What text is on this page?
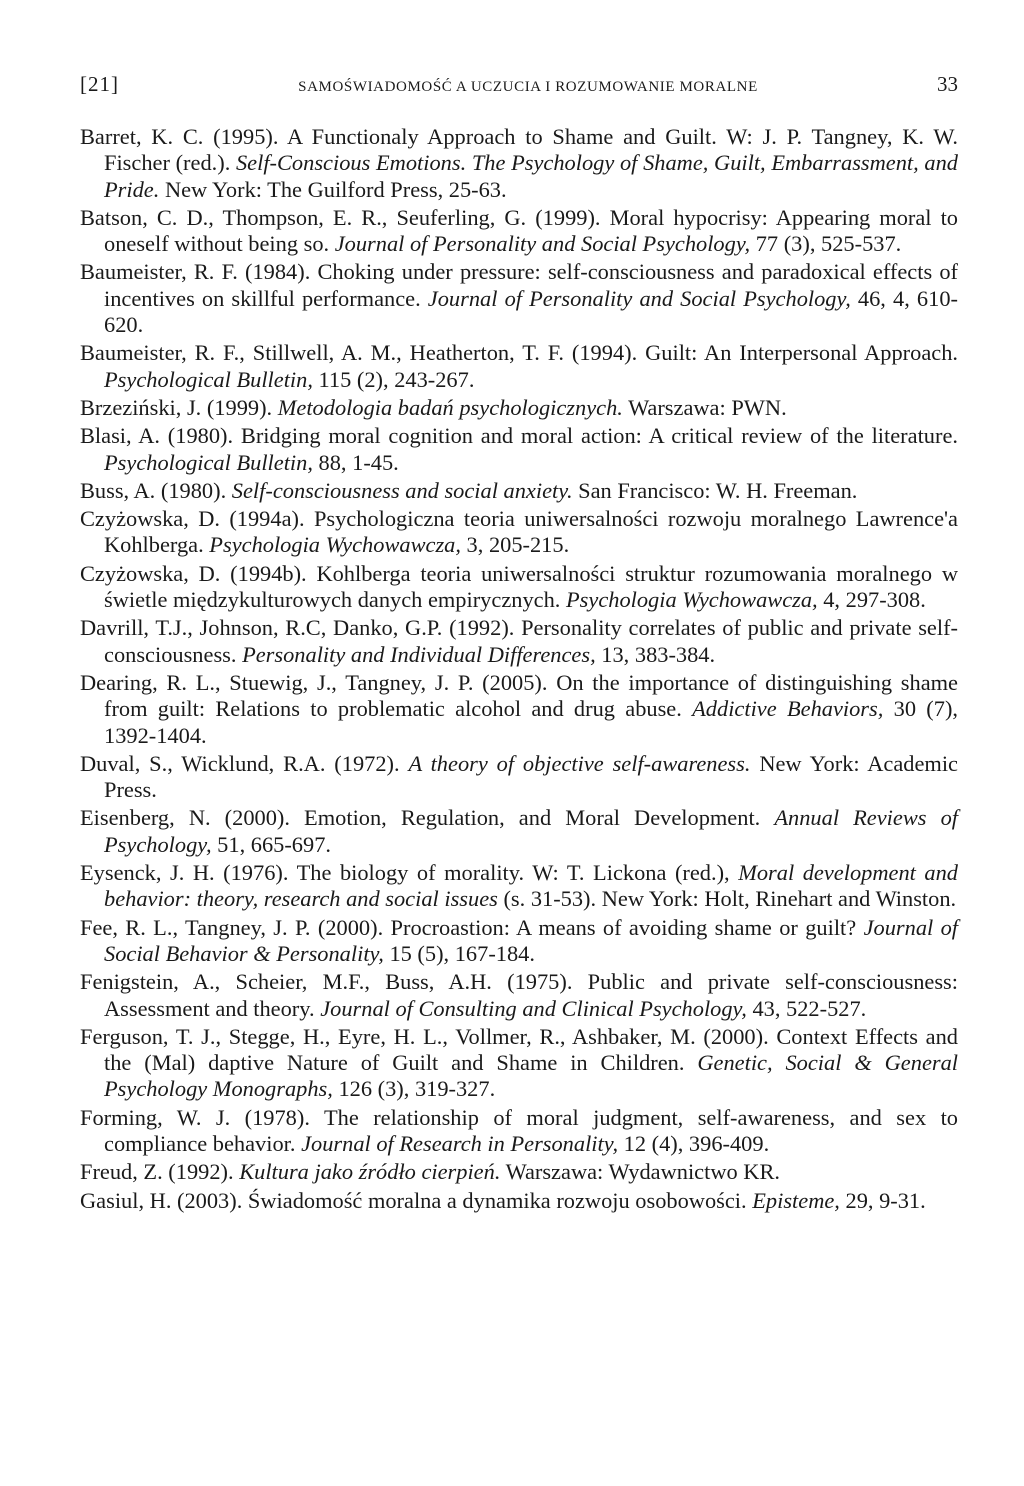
[21]	SAMOŚWIADOMOŚĆ A UCZUCIA I ROZUMOWANIE MORALNE	33

Barret, K. C. (1995). A Functionaly Approach to Shame and Guilt. W: J. P. Tangney, K. W. Fischer (red.). Self-Conscious Emotions. The Psychology of Shame, Guilt, Embarrassment, and Pride. New York: The Guilford Press, 25-63.

Batson, C. D., Thompson, E. R., Seuferling, G. (1999). Moral hypocrisy: Appearing moral to oneself without being so. Journal of Personality and Social Psychology, 77 (3), 525-537.

Baumeister, R. F. (1984). Choking under pressure: self-consciousness and paradoxical effects of incentives on skillful performance. Journal of Personality and Social Psychology, 46, 4, 610-620.

Baumeister, R. F., Stillwell, A. M., Heatherton, T. F. (1994). Guilt: An Interpersonal Approach. Psychological Bulletin, 115 (2), 243-267.

Brzeziński, J. (1999). Metodologia badań psychologicznych. Warszawa: PWN.

Blasi, A. (1980). Bridging moral cognition and moral action: A critical review of the literature. Psychological Bulletin, 88, 1-45.

Buss, A. (1980). Self-consciousness and social anxiety. San Francisco: W. H. Freeman.

Czyżowska, D. (1994a). Psychologiczna teoria uniwersalności rozwoju moralnego Lawrence'a Kohlberga. Psychologia Wychowawcza, 3, 205-215.

Czyżowska, D. (1994b). Kohlberga teoria uniwersalności struktur rozumowania moralnego w świetle międzykulturowych danych empirycznych. Psychologia Wychowawcza, 4, 297-308.

Davrill, T.J., Johnson, R.C, Danko, G.P. (1992). Personality correlates of public and private self-consciousness. Personality and Individual Differences, 13, 383-384.

Dearing, R. L., Stuewig, J., Tangney, J. P. (2005). On the importance of distinguishing shame from guilt: Relations to problematic alcohol and drug abuse. Addictive Behaviors, 30 (7), 1392-1404.

Duval, S., Wicklund, R.A. (1972). A theory of objective self-awareness. New York: Academic Press.

Eisenberg, N. (2000). Emotion, Regulation, and Moral Development. Annual Reviews of Psychology, 51, 665-697.

Eysenck, J. H. (1976). The biology of morality. W: T. Lickona (red.), Moral development and behavior: theory, research and social issues (s. 31-53). New York: Holt, Rinehart and Winston.

Fee, R. L., Tangney, J. P. (2000). Procroastion: A means of avoiding shame or guilt? Journal of Social Behavior & Personality, 15 (5), 167-184.

Fenigstein, A., Scheier, M.F., Buss, A.H. (1975). Public and private self-consciousness: Assessment and theory. Journal of Consulting and Clinical Psychology, 43, 522-527.

Ferguson, T. J., Stegge, H., Eyre, H. L., Vollmer, R., Ashbaker, M. (2000). Context Effects and the (Mal) daptive Nature of Guilt and Shame in Children. Genetic, Social & General Psychology Monographs, 126 (3), 319-327.

Forming, W. J. (1978). The relationship of moral judgment, self-awareness, and sex to compliance behavior. Journal of Research in Personality, 12 (4), 396-409.

Freud, Z. (1992). Kultura jako źródło cierpień. Warszawa: Wydawnictwo KR.

Gasiul, H. (2003). Świadomość moralna a dynamika rozwoju osobowości. Episteme, 29, 9-31.
